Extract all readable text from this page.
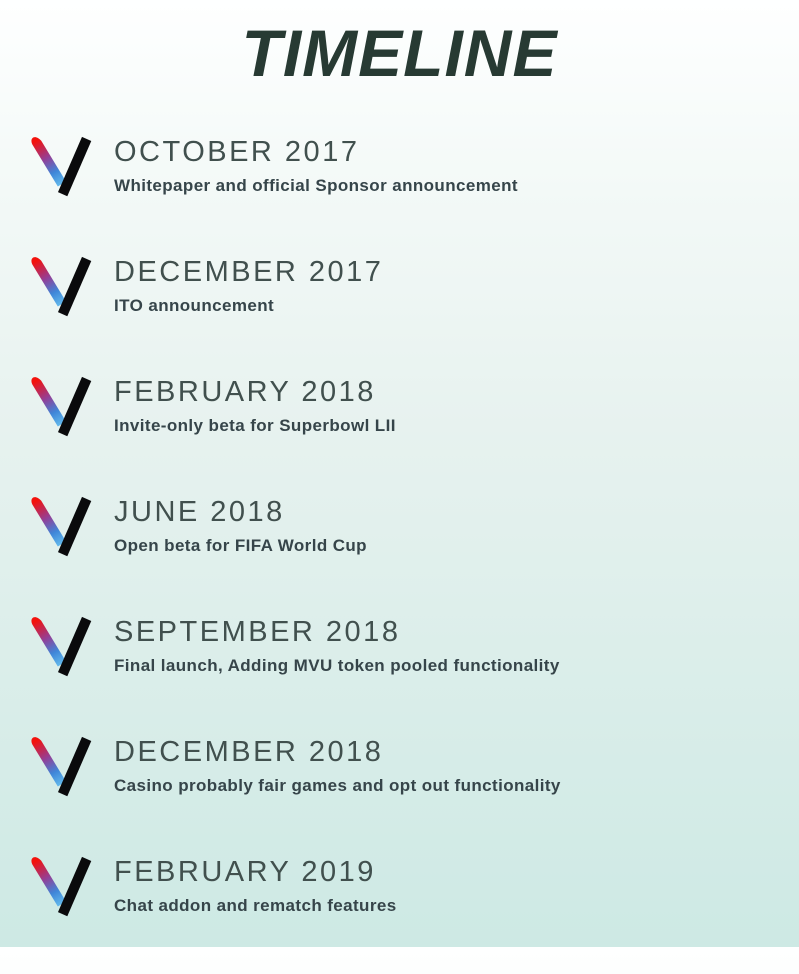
TIMELINE
OCTOBER 2017
Whitepaper and official Sponsor announcement
DECEMBER 2017
ITO announcement
FEBRUARY 2018
Invite-only beta for Superbowl LII
JUNE 2018
Open beta for FIFA World Cup
SEPTEMBER 2018
Final launch, Adding MVU token pooled functionality
DECEMBER 2018
Casino probably fair games and opt out functionality
FEBRUARY 2019
Chat addon and rematch features
